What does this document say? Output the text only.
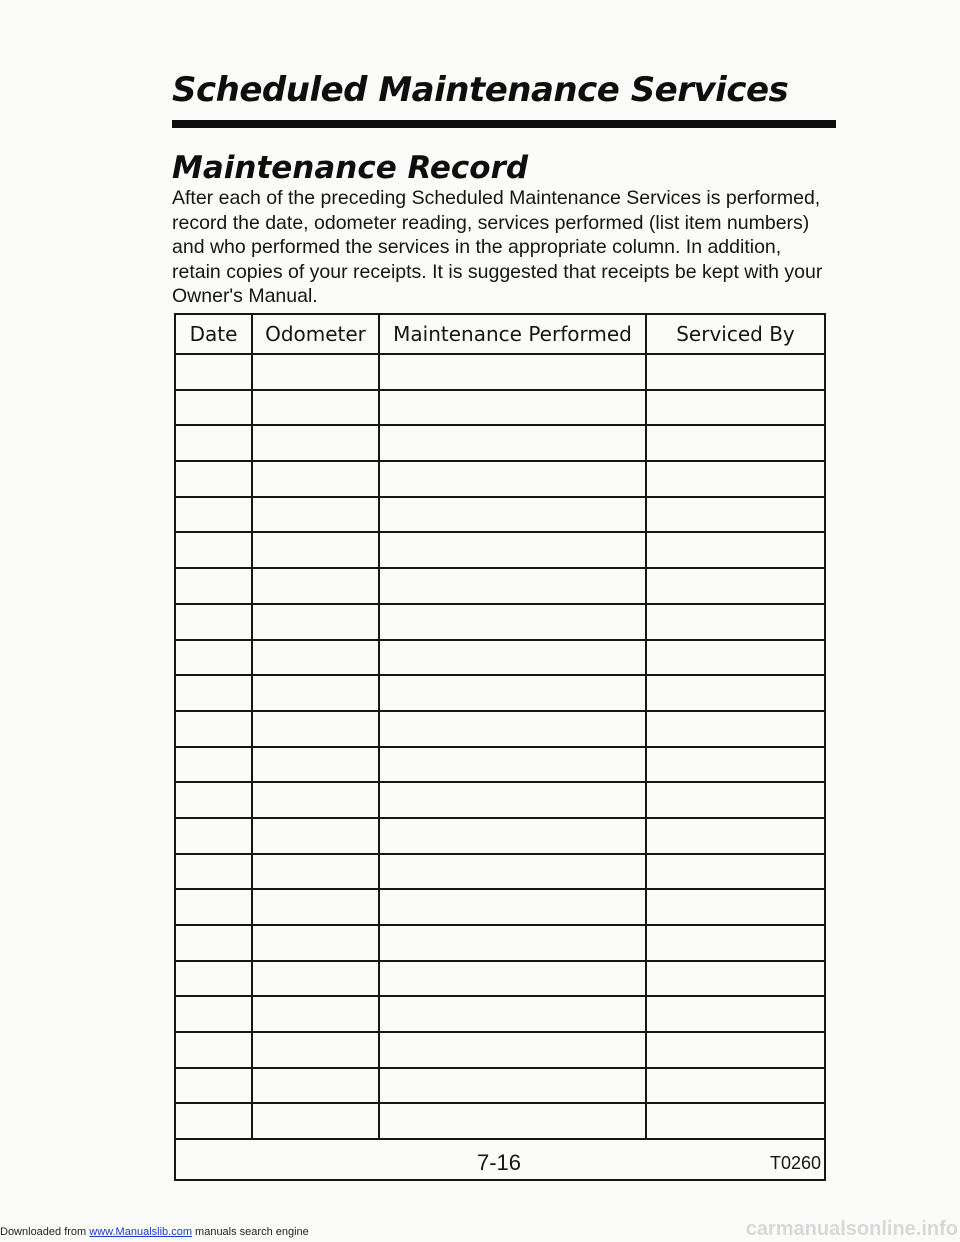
Scheduled Maintenance Services
Maintenance Record

After each of the preceding Scheduled Maintenance Services is performed, record the date, odometer reading, services performed (list item numbers) and who performed the services in the appropriate column. In addition, retain copies of your receipts. It is suggested that receipts be kept with your Owner's Manual.

Date	Odometer	Maintenance Performed	Serviced By

T0260			
7-16
Downloaded from www.Manualslib.com manuals search engine	carmanualsonline.info
